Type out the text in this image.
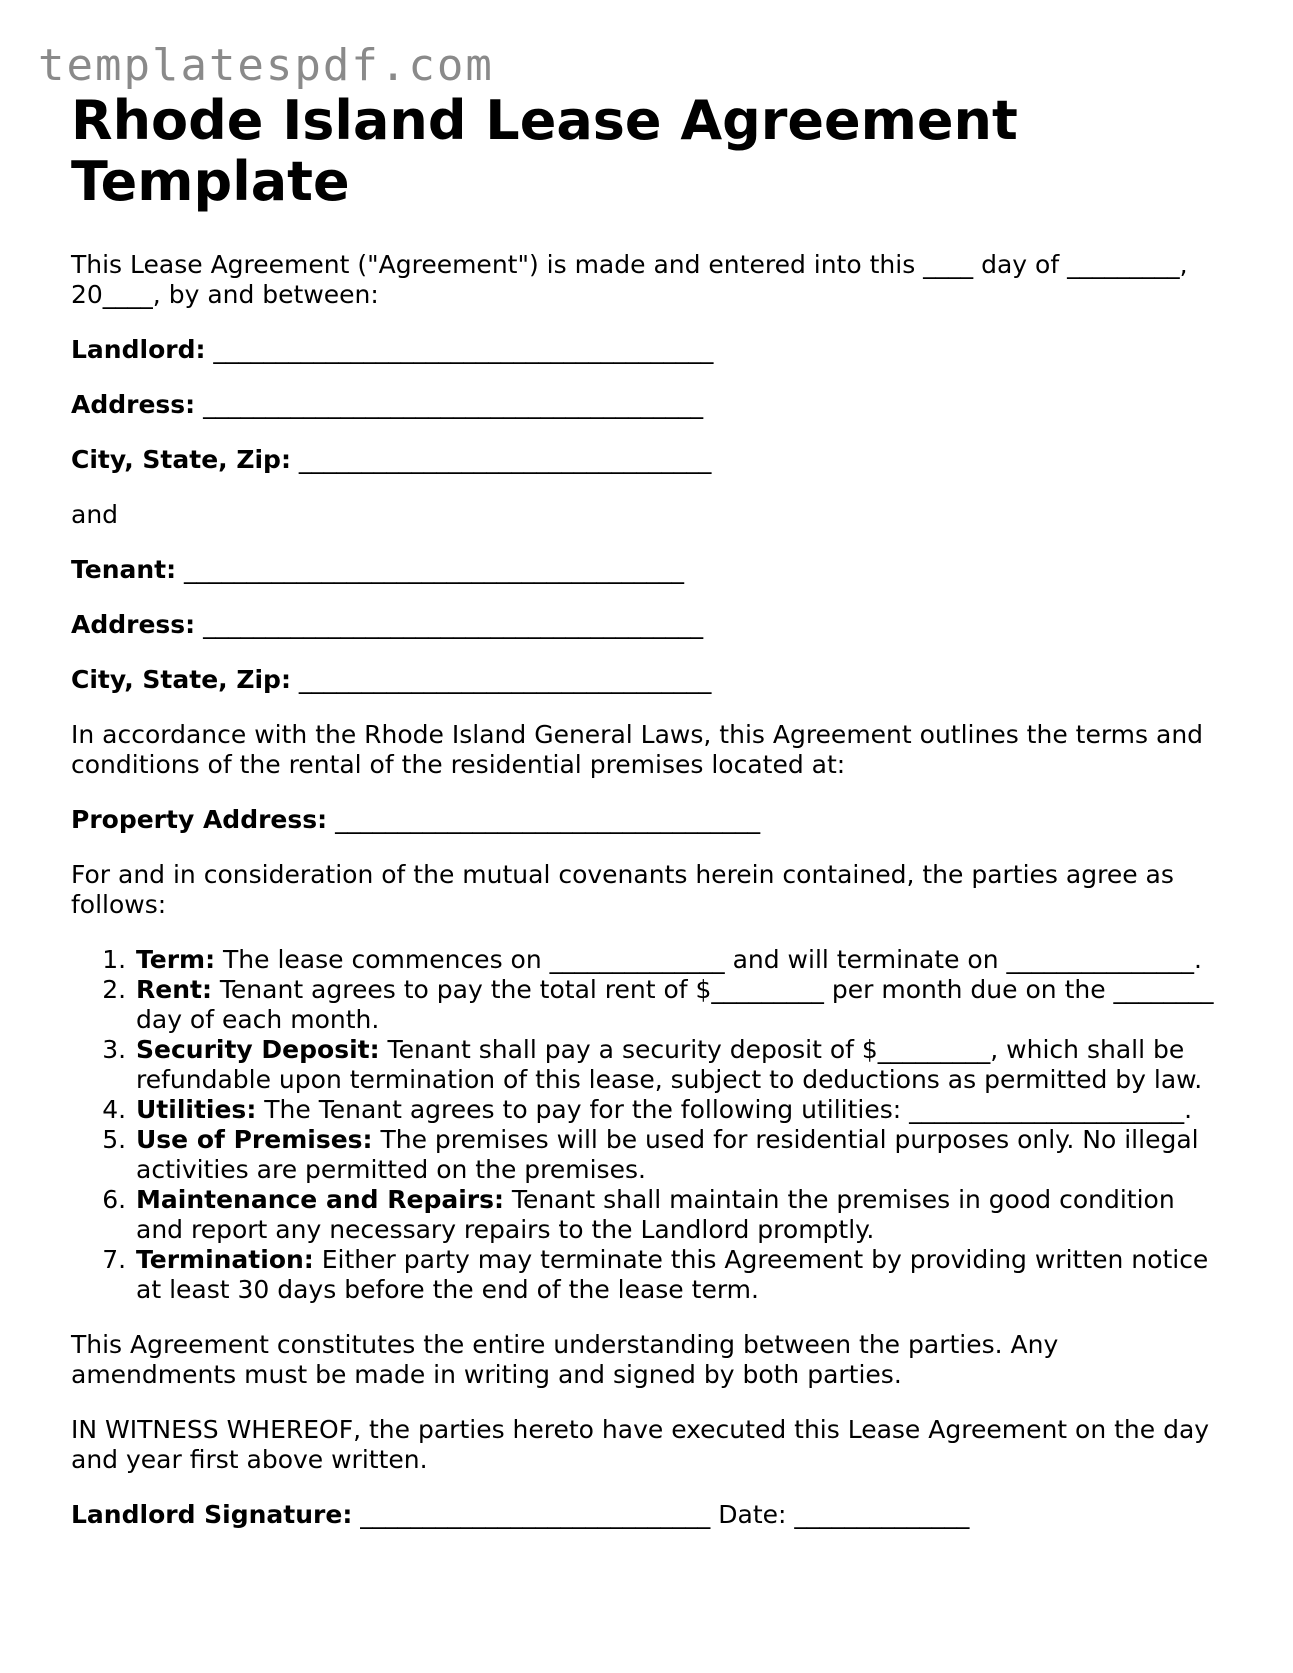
templatespdf.com
Rhode Island Lease Agreement Template

This Lease Agreement ("Agreement") is made and entered into this ____ day of _________, 20____, by and between:

Landlord: ________________________________________

Address: ________________________________________

City, State, Zip: _________________________________

and

Tenant: ________________________________________

Address: ________________________________________

City, State, Zip: _________________________________

In accordance with the Rhode Island General Laws, this Agreement outlines the terms and conditions of the rental of the residential premises located at:

Property Address: __________________________________

For and in consideration of the mutual covenants herein contained, the parties agree as follows:

1. Term: The lease commences on ______________ and will terminate on _______________.
2. Rent: Tenant agrees to pay the total rent of $_________ per month due on the ________ day of each month.
3. Security Deposit: Tenant shall pay a security deposit of $_________, which shall be refundable upon termination of this lease, subject to deductions as permitted by law.
4. Utilities: The Tenant agrees to pay for the following utilities: ______________________.
5. Use of Premises: The premises will be used for residential purposes only. No illegal activities are permitted on the premises.
6. Maintenance and Repairs: Tenant shall maintain the premises in good condition and report any necessary repairs to the Landlord promptly.
7. Termination: Either party may terminate this Agreement by providing written notice at least 30 days before the end of the lease term.

This Agreement constitutes the entire understanding between the parties. Any amendments must be made in writing and signed by both parties.

IN WITNESS WHEREOF, the parties hereto have executed this Lease Agreement on the day and year first above written.

Landlord Signature: ____________________________ Date: ______________
